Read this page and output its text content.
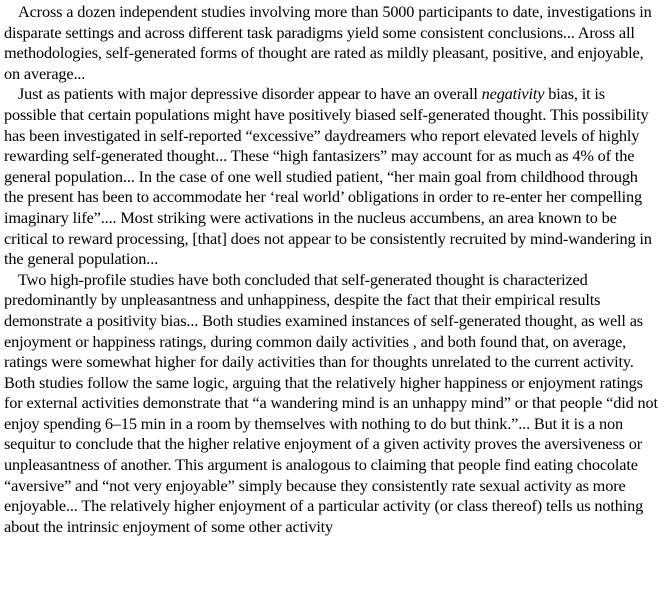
Across a dozen independent studies involving more than 5000 participants to date, investigations in disparate settings and across different task paradigms yield some consistent conclusions... Aross all methodologies, self-generated forms of thought are rated as mildly pleasant, positive, and enjoyable, on average...

Just as patients with major depressive disorder appear to have an overall negativity bias, it is possible that certain populations might have positively biased self-generated thought. This possibility has been investigated in self-reported “excessive” daydreamers who report elevated levels of highly rewarding self-generated thought... These “high fantasizers” may account for as much as 4% of the general population... In the case of one well studied patient, “her main goal from childhood through the present has been to accommodate her ‘real world’ obligations in order to re-enter her compelling imaginary life”.... Most striking were activations in the nucleus accumbens, an area known to be critical to reward processing, [that] does not appear to be consistently recruited by mind-wandering in the general population...

Two high-profile studies have both concluded that self-generated thought is characterized predominantly by unpleasantness and unhappiness, despite the fact that their empirical results demonstrate a positivity bias... Both studies examined instances of self-generated thought, as well as enjoyment or happiness ratings, during common daily activities , and both found that, on average, ratings were somewhat higher for daily activities than for thoughts unrelated to the current activity. Both studies follow the same logic, arguing that the relatively higher happiness or enjoyment ratings for external activities demonstrate that “a wandering mind is an unhappy mind” or that people “did not enjoy spending 6–15 min in a room by themselves with nothing to do but think.”... But it is a non sequitur to conclude that the higher relative enjoyment of a given activity proves the aversiveness or unpleasantness of another. This argument is analogous to claiming that people find eating chocolate “aversive” and “not very enjoyable” simply because they consistently rate sexual activity as more enjoyable... The relatively higher enjoyment of a particular activity (or class thereof) tells us nothing about the intrinsic enjoyment of some other activity
